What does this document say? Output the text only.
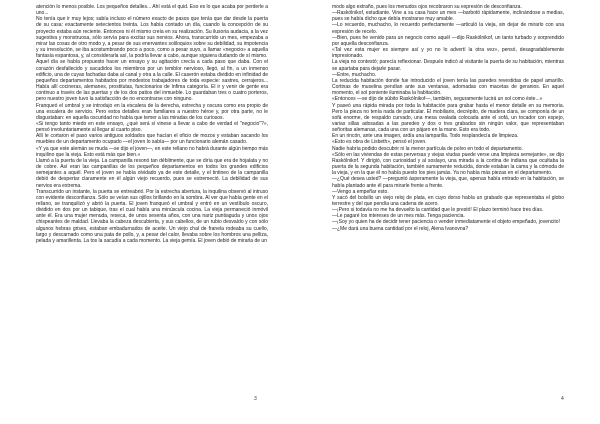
atención lo menos posible. Los pequeños detalles... Ahí está el quid. Eso es lo que acaba por perderle a uno...

No tenía que ir muy lejos; sabía incluso el número exacto de pasos que tenía que dar desde la puerta de su casa: exactamente setecientos treinta. Los había contado un día, cuando la concepción de su proyecto estaba aún reciente. Entonces ni él mismo creía en su realización. Su ilusoria audacia, a la vez sugestiva y monstruosa, sólo servía para excitar sus nervios. Ahora, transcurrido un mes, empezaba a mirar las cosas de otro modo y, a pesar de sus enervantes soliloquios sobre su debilidad, su impotencia y su irresolución, se iba acostumbrando poco a poco, como a pesar suyo, a llamar «negocio» a aquella fantasía espantosa, y, al considerarla así, la podría llevar a cabo, aunque siguiera dudando de sí mismo.

Aquel día se había propuesto hacer un ensayo y su agitación crecía a cada paso que daba. Con el corazón desfallecido y sacudidos los miembros por un temblor nervioso, llegó, al fin, a un inmenso edificio, una de cuyas fachadas daba al canal y otra a la calle. El caserón estaba dividido en infinidad de pequeños departamentos habitados por modestos trabajadores de toda especie: sastres, cerrajeros... Había allí cocineras, alemanes, prostitutas, funcionarios de ínfima categoría. El ir y venir de gente era continuo a través de las puertas y de los dos patios del inmueble. Lo guardaban tres o cuatro porteros, pero nuestro joven tuvo la satisfacción de no encontrarse con ninguno.

Franqueó el umbral y se introdujo en la escalera de la derecha, estrecha y oscura como era propio de una escalera de servicio. Pero estos detalles eran familiares a nuestro héroe y, por otra parte, no le disgustaban: en aquella oscuridad no había que temer a las miradas de los curiosos.

«Si tengo tanto miedo en este ensayo, ¿qué será si vinese a llevar a cabo de verdad el "negocio"?», pensó involuntariamente al llegar al cuarto piso.

Allí le cortaron el paso varios antiguos soldados que hacían el oficio de mozos y estaban sacando los muebles de un departamento ocupado —el joven lo sabía— por un funcionario alemán casado.

«Y ya que este alemán se muda —se dijo el joven—, en este rellano no habrá durante algún tiempo más inquilino que la vieja. Esto está más que bien.»

Llamó a la puerta de la vieja. La campanilla resonó tan débilmente, que se diría que era de hojalata y no de cobre. Así eran las campanillas de los pequeños departamentos en todos los grandes edificios semejantes a aquél. Pero el joven se había olvidado ya de este detalle, y el tintineo de la campanilla debió de despertar claramente en él algún viejo recuerdo, pues se estremeció. La debilidad de sus nervios era extrema.

Transcurrido un instante, la puerta se entreabrió. Por la estrecha abertura, la inquilina observó al intruso con evidente desconfianza. Sólo se veían sus ojillos brillando en la sombra. Al ver que había gente en el rellano, se tranquilizó y abrió la puerta. El joven franqueó el umbral y entró en un vestíbulo oscuro, dividido en dos por un tabique, tras el cual había una minúscula cocina. La vieja permaneció inmóvil ante él. Era una mujer menuda, reseca, de unos sesenta años, con una nariz puntiaguda y unos ojos chispeantes de maldad. Llevaba la cabeza descubierta, y sus cabellos, de un rubio desvaído y con sólo algunos hebras grises, estaban embadurnados de aceite. Un viejo chal de franela rodeaba su cuello, largo y descarnado como una pata de pollo, y, a pesar del calor, llevaba sobre los hombros una pelliza, pelada y amarillenta. La tos la sacudía a cada momento. La vieja gemía. El joven debió de mirarla de un

3

modo algo extraño, pues los menudos ojos recobraron su expresión de desconfianza.

—Raskólnikof, estudiante. Vine a su casa hace un mes —barbotó rápidamente, inclinándose a medias, pues se había dicho que debía mostrarse muy amable.

—Lo recuerdo, muchacho, lo recuerdo perfectamente —articuló la vieja, sin dejar de mirarlo con una expresión de recelo.

—Bien, pues he venido para un negocio como aquél —dijo Raskólnikof, un tanto turbado y sorprendido por aquella desconfianza.

«Tal vez esta mujer es siempre así y yo no lo advertí la otra vez», pensó, desagradablemente impresionado.

La vieja no contestó; parecía reflexionar. Después indicó al visitante la puerta de su habitación, mientras se apartaba para dejarle pasar.

—Entre, muchacho.

La reducida habitación donde fue introducido el joven tenía las paredes revestidas de papel amarillo. Cortinas de muselina pendían ante sus ventanas, adornadas con macetas de geranios. En aquel momento, el sol poniente iluminaba la habitación.

«Entonces —se dijo de súbito Raskólnikof—, también, seguramente lucirá un sol como éste...»

Y paseó una rápida mirada por toda la habitación para grabar hasta el menor detalle en su memoria. Pero la pieza no tenía nada de particular. El mobiliario, decrépito, de madera clara, se componía de un sofá enorme, de respaldo curvado, una mesa ovalada colocada ante el sofá, un tocador con espejo, varias sillas adosadas a las paredes y dos o tres grabados sin ningún valor, que representaban señoritas alemanas, cada una con un pájaro en la mano. Esto era todo.

En un rincón, ante una imagen, ardía una lamparilla. Todo resplandecía de limpieza.

«Esto es obra de Lisbeth», pensó el joven.

Nadie habría podido descubrir ni la menor partícula de polvo en todo el departamento.

«Sólo en las viviendas de estas perversas y viejas viudas puede verse una limpieza semejante», se dijo Raskólnikof. Y dirigió, con curiosidad y al soslayo, una mirada a la cortina de indiana que ocultaba la puerta de la segunda habitación, también sumamente reducida, donde estaban la cama y la cómoda de la vieja, y en la que él no había puesto los pies jamás. Ya no había más piezas en el departamento.

—¿Qué desea usted? —preguntó ásperamente la vieja, que, apenas había entrado en la habitación, se había plantado ante él para mirarle frente a frente.

—Vengo a empeñar esto.

Y sacó del bolsillo un viejo reloj de plata, en cuyo dorso había un grabado que representaba el globo terrestre y del que pendía una cadena de acero.

—¡Pero si todavía no me ha devuelto la cantidad que le prestó! El plazo terminó hace tres días.

—Le pagaré los intereses de un mes más. Tenga paciencia.

—¡Soy yo quien ha de decidir tener paciencia o vender inmediatamente el objeto empeñado, jovencito!

—¿Me dará una buena cantidad por el reloj, Alena Ivanovna?

4
